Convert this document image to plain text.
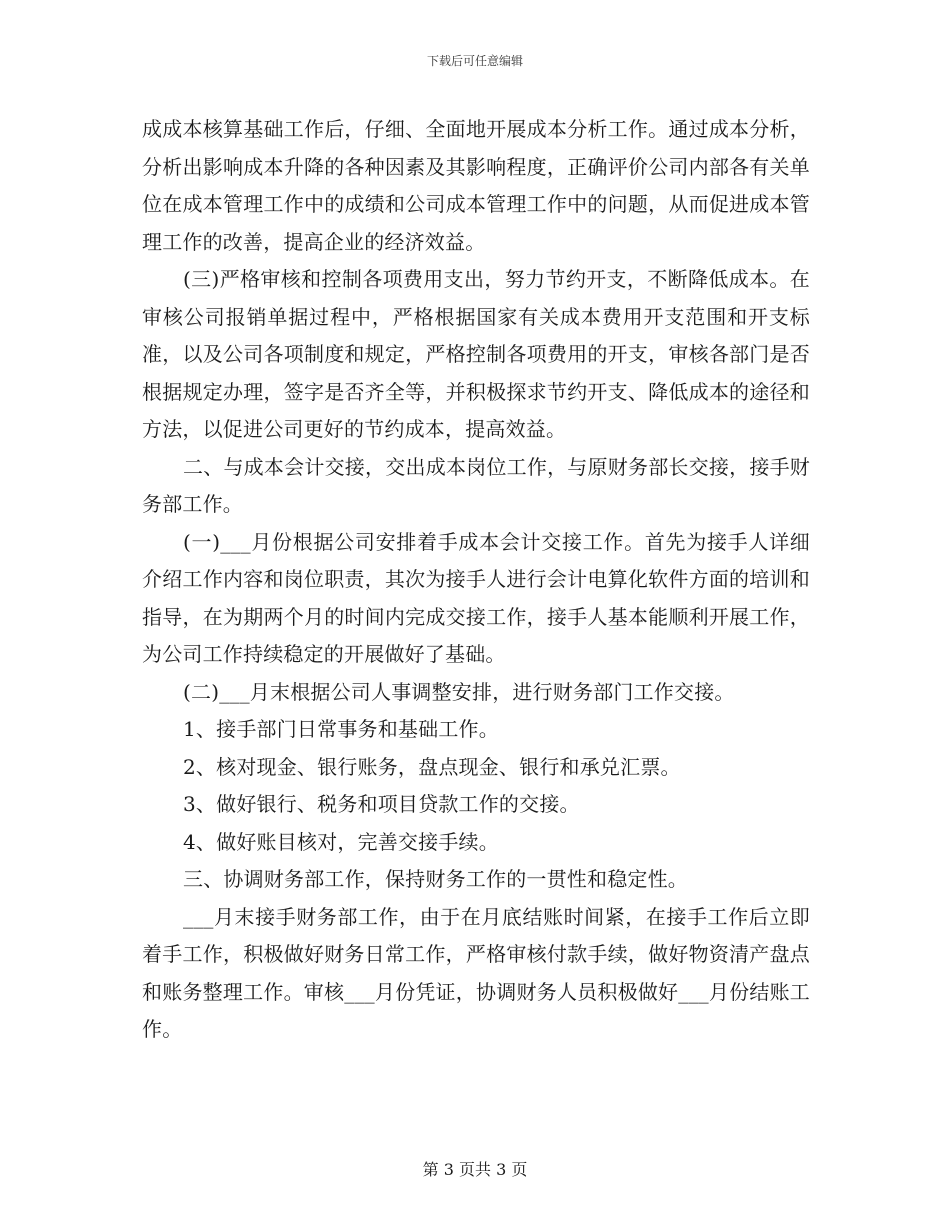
下载后可任意编辑

成成本核算基础工作后，仔细、全面地开展成本分析工作。通过成本分析，分析出影响成本升降的各种因素及其影响程度，正确评价公司内部各有关单位在成本管理工作中的成绩和公司成本管理工作中的问题，从而促进成本管理工作的改善，提高企业的经济效益。

(三)严格审核和控制各项费用支出，努力节约开支，不断降低成本。在审核公司报销单据过程中，严格根据国家有关成本费用开支范围和开支标准，以及公司各项制度和规定，严格控制各项费用的开支，审核各部门是否根据规定办理，签字是否齐全等，并积极探求节约开支、降低成本的途径和方法，以促进公司更好的节约成本，提高效益。

二、与成本会计交接，交出成本岗位工作，与原财务部长交接，接手财务部工作。

(一)___月份根据公司安排着手成本会计交接工作。首先为接手人详细介绍工作内容和岗位职责，其次为接手人进行会计电算化软件方面的培训和指导，在为期两个月的时间内完成交接工作，接手人基本能顺利开展工作，为公司工作持续稳定的开展做好了基础。

(二)___月末根据公司人事调整安排，进行财务部门工作交接。

1、接手部门日常事务和基础工作。

2、核对现金、银行账务，盘点现金、银行和承兑汇票。

3、做好银行、税务和项目贷款工作的交接。

4、做好账目核对，完善交接手续。

三、协调财务部工作，保持财务工作的一贯性和稳定性。

___月末接手财务部工作，由于在月底结账时间紧，在接手工作后立即着手工作，积极做好财务日常工作，严格审核付款手续，做好物资清产盘点和账务整理工作。审核___月份凭证，协调财务人员积极做好___月份结账工作。

第 3 页共 3 页
